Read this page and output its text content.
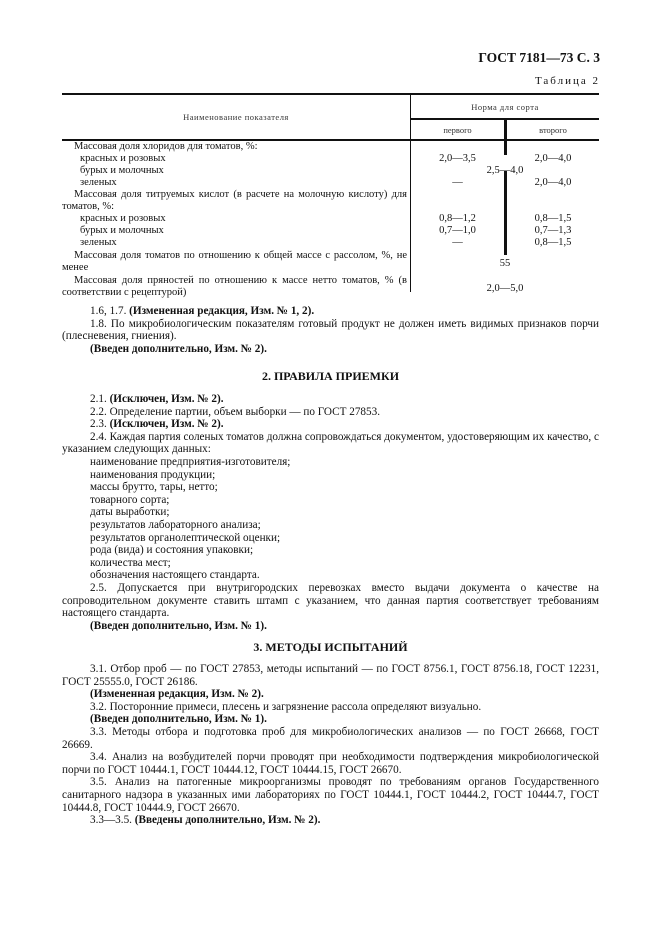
ГОСТ 7181—73 С. 3
Таблица 2
Наименование показателя
Норма для сорта
первого	второго
Массовая доля хлоридов для томатов, %:
красных и розовых	2,0—3,5	2,0—4,0
бурых и молочных	2,5—4,0
зеленых	—	2,0—4,0
Массовая доля титруемых кислот (в расчете на молочную кислоту) для томатов, %:
красных и розовых	0,8—1,2	0,8—1,5
бурых и молочных	0,7—1,0	0,7—1,3
зеленых	—	0,8—1,5
Массовая доля томатов по отношению к общей массе с рассолом, %, не менее	55
Массовая доля пряностей по отношению к массе нетто томатов, % (в соответствии с рецептурой)	2,0—5,0

1.6, 1.7. (Измененная редакция, Изм. № 1, 2).

1.8. По микробиологическим показателям готовый продукт не должен иметь видимых признаков порчи (плесневения, гниения).

(Введен дополнительно, Изм. № 2).

2. ПРАВИЛА ПРИЕМКИ

2.1. (Исключен, Изм. № 2).

2.2. Определение партии, объем выборки — по ГОСТ 27853.

2.3. (Исключен, Изм. № 2).

2.4. Каждая партия соленых томатов должна сопровождаться документом, удостоверяющим их качество, с указанием следующих данных:

наименование предприятия-изготовителя;

наименования продукции;

массы брутто, тары, нетто;

товарного сорта;

даты выработки;

результатов лабораторного анализа;

результатов органолептической оценки;

рода (вида) и состояния упаковки;

количества мест;

обозначения настоящего стандарта.

2.5. Допускается при внутригородских перевозках вместо выдачи документа о качестве на сопроводительном документе ставить штамп с указанием, что данная партия соответствует требованиям настоящего стандарта.

(Введен дополнительно, Изм. № 1).

3. МЕТОДЫ ИСПЫТАНИЙ

3.1. Отбор проб — по ГОСТ 27853, методы испытаний — по ГОСТ 8756.1, ГОСТ 8756.18, ГОСТ 12231, ГОСТ 25555.0, ГОСТ 26186.

(Измененная редакция, Изм. № 2).

3.2. Посторонние примеси, плесень и загрязнение рассола определяют визуально.

(Введен дополнительно, Изм. № 1).

3.3. Методы отбора и подготовка проб для микробиологических анализов — по ГОСТ 26668, ГОСТ 26669.

3.4. Анализ на возбудителей порчи проводят при необходимости подтверждения микробиологической порчи по ГОСТ 10444.1, ГОСТ 10444.12, ГОСТ 10444.15, ГОСТ 26670.

3.5. Анализ на патогенные микроорганизмы проводят по требованиям органов Государственного санитарного надзора в указанных ими лабораториях по ГОСТ 10444.1, ГОСТ 10444.2, ГОСТ 10444.7, ГОСТ 10444.8, ГОСТ 10444.9, ГОСТ 26670.

3.3—3.5. (Введены дополнительно, Изм. № 2).
